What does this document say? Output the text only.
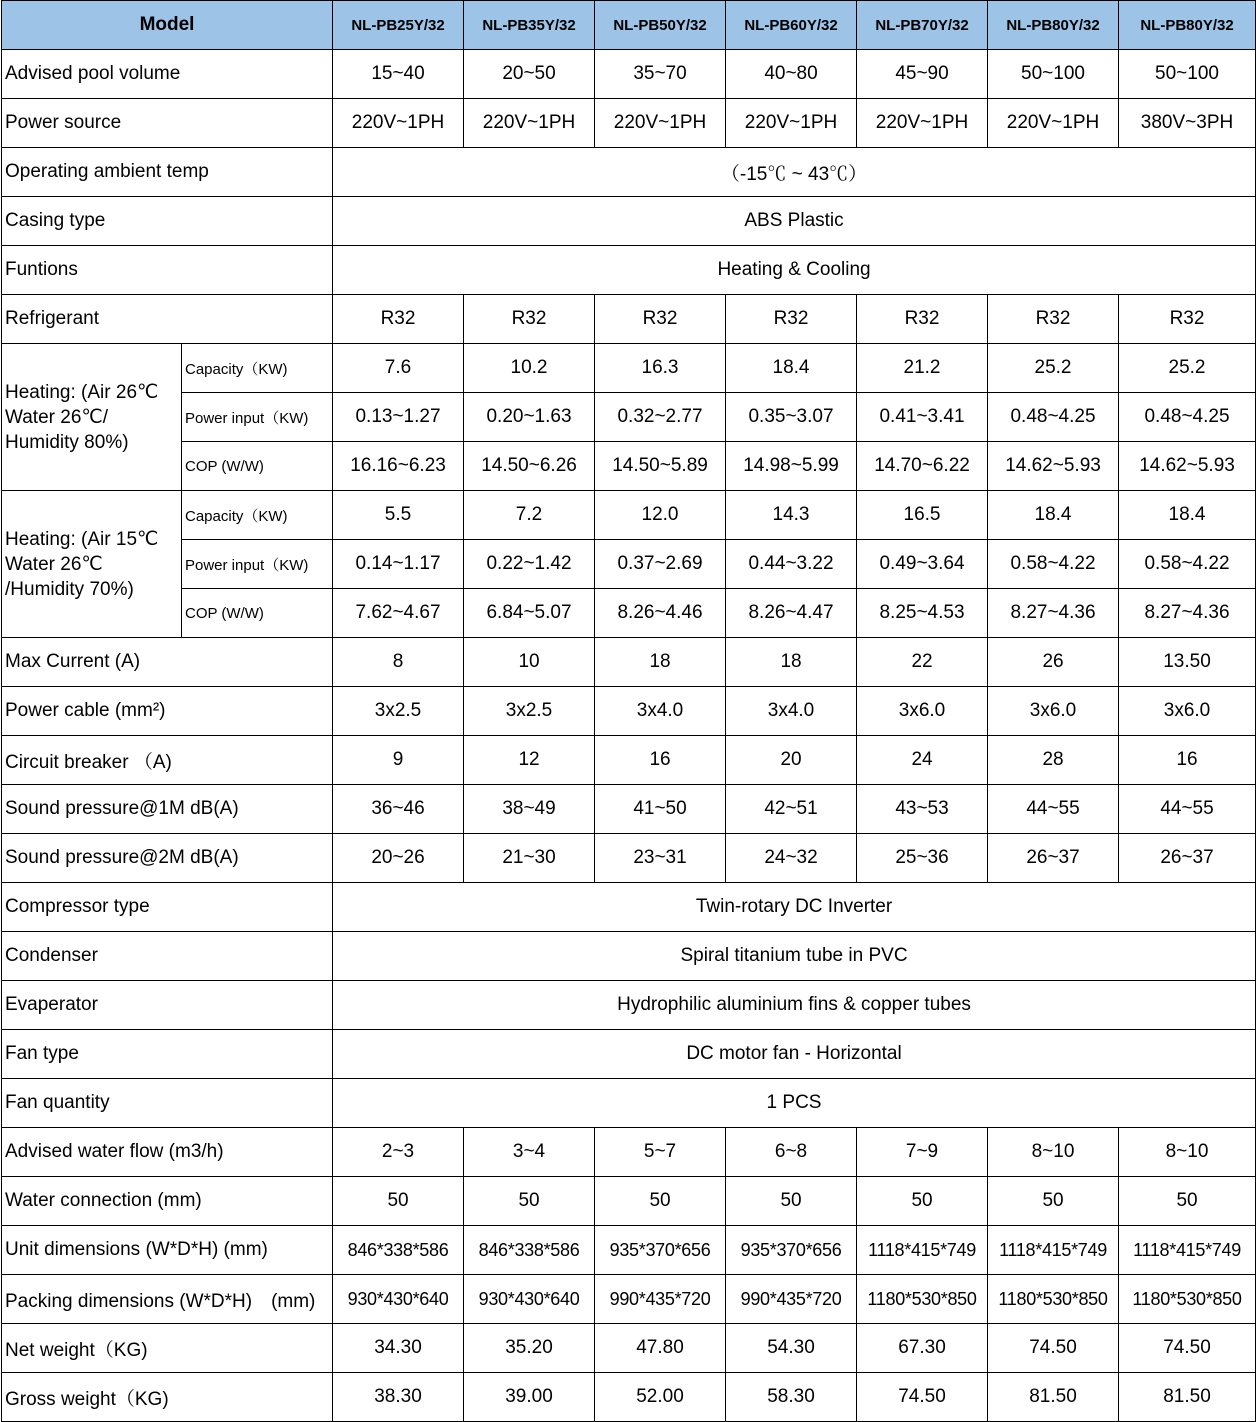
Model		NL-PB25Y/32	NL-PB35Y/32	NL-PB50Y/32	NL-PB60Y/32	NL-PB70Y/32	NL-PB80Y/32	NL-PB80Y/32
Advised pool volume		15~40	20~50	35~70	40~80	45~90	50~100	50~100
Power source		220V~1PH	220V~1PH	220V~1PH	220V~1PH	220V~1PH	220V~1PH	380V~3PH
Operating ambient temp		（-15℃ ~ 43℃）						
Casing type		ABS Plastic						
Funtions		Heating & Cooling						
Refrigerant		R32	R32	R32	R32	R32	R32	R32
Heating: (Air 26℃ Water 26℃/ Humidity 80%)	Capacity（KW)	7.6	10.2	16.3	18.4	21.2	25.2	25.2
	Power input（KW)	0.13~1.27	0.20~1.63	0.32~2.77	0.35~3.07	0.41~3.41	0.48~4.25	0.48~4.25
	COP (W/W)	16.16~6.23	14.50~6.26	14.50~5.89	14.98~5.99	14.70~6.22	14.62~5.93	14.62~5.93
Heating: (Air 15℃ Water 26℃ /Humidity 70%)	Capacity（KW)	5.5	7.2	12.0	14.3	16.5	18.4	18.4
	Power input（KW)	0.14~1.17	0.22~1.42	0.37~2.69	0.44~3.22	0.49~3.64	0.58~4.22	0.58~4.22
	COP (W/W)	7.62~4.67	6.84~5.07	8.26~4.46	8.26~4.47	8.25~4.53	8.27~4.36	8.27~4.36
Max Current (A)		8	10	18	18	22	26	13.50
Power cable (mm²)		3x2.5	3x2.5	3x4.0	3x4.0	3x6.0	3x6.0	3x6.0
Circuit breaker （A)		9	12	16	20	24	28	16
Sound pressure@1M dB(A)		36~46	38~49	41~50	42~51	43~53	44~55	44~55
Sound pressure@2M dB(A)		20~26	21~30	23~31	24~32	25~36	26~37	26~37
Compressor type		Twin-rotary DC Inverter						
Condenser		Spiral titanium tube in PVC						
Evaperator		Hydrophilic aluminium fins & copper tubes						
Fan type		DC motor fan - Horizontal						
Fan quantity		1 PCS						
Advised water flow (m3/h)		2~3	3~4	5~7	6~8	7~9	8~10	8~10
Water connection (mm)		50	50	50	50	50	50	50
Unit dimensions (W*D*H) (mm)		846*338*586	846*338*586	935*370*656	935*370*656	1118*415*749	1118*415*749	1118*415*749
Packing dimensions (W*D*H)　(mm)		930*430*640	930*430*640	990*435*720	990*435*720	1180*530*850	1180*530*850	1180*530*850
Net weight（KG)		34.30	35.20	47.80	54.30	67.30	74.50	74.50
Gross weight（KG)		38.30	39.00	52.00	58.30	74.50	81.50	81.50
